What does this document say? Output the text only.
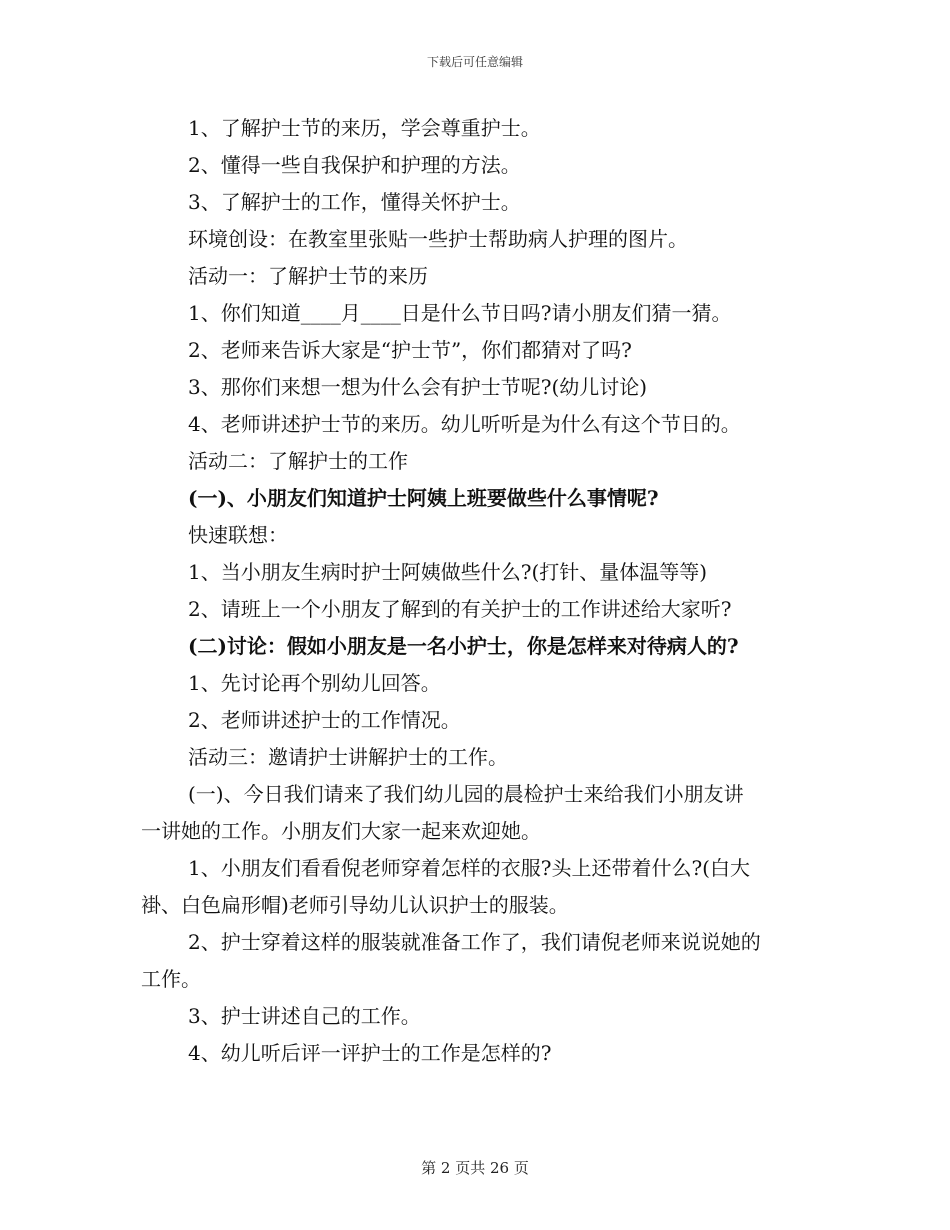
下载后可任意编辑
1、了解护士节的来历，学会尊重护士。
2、懂得一些自我保护和护理的方法。
3、了解护士的工作，懂得关怀护士。
环境创设：在教室里张贴一些护士帮助病人护理的图片。
活动一：了解护士节的来历
1、你们知道____月____日是什么节日吗?请小朋友们猜一猜。
2、老师来告诉大家是“护士节”，你们都猜对了吗?
3、那你们来想一想为什么会有护士节呢?(幼儿讨论)
4、老师讲述护士节的来历。幼儿听听是为什么有这个节日的。
活动二：了解护士的工作
(一)、小朋友们知道护士阿姨上班要做些什么事情呢?
快速联想：
1、当小朋友生病时护士阿姨做些什么?(打针、量体温等等)
2、请班上一个小朋友了解到的有关护士的工作讲述给大家听?
(二)讨论：假如小朋友是一名小护士，你是怎样来对待病人的?
1、先讨论再个别幼儿回答。
2、老师讲述护士的工作情况。
活动三：邀请护士讲解护士的工作。
(一)、今日我们请来了我们幼儿园的晨检护士来给我们小朋友讲
一讲她的工作。小朋友们大家一起来欢迎她。
1、小朋友们看看倪老师穿着怎样的衣服?头上还带着什么?(白大
褂、白色扁形帽)老师引导幼儿认识护士的服装。
2、护士穿着这样的服装就准备工作了，我们请倪老师来说说她的
工作。
3、护士讲述自己的工作。
4、幼儿听后评一评护士的工作是怎样的?
第 2 页共 26 页
